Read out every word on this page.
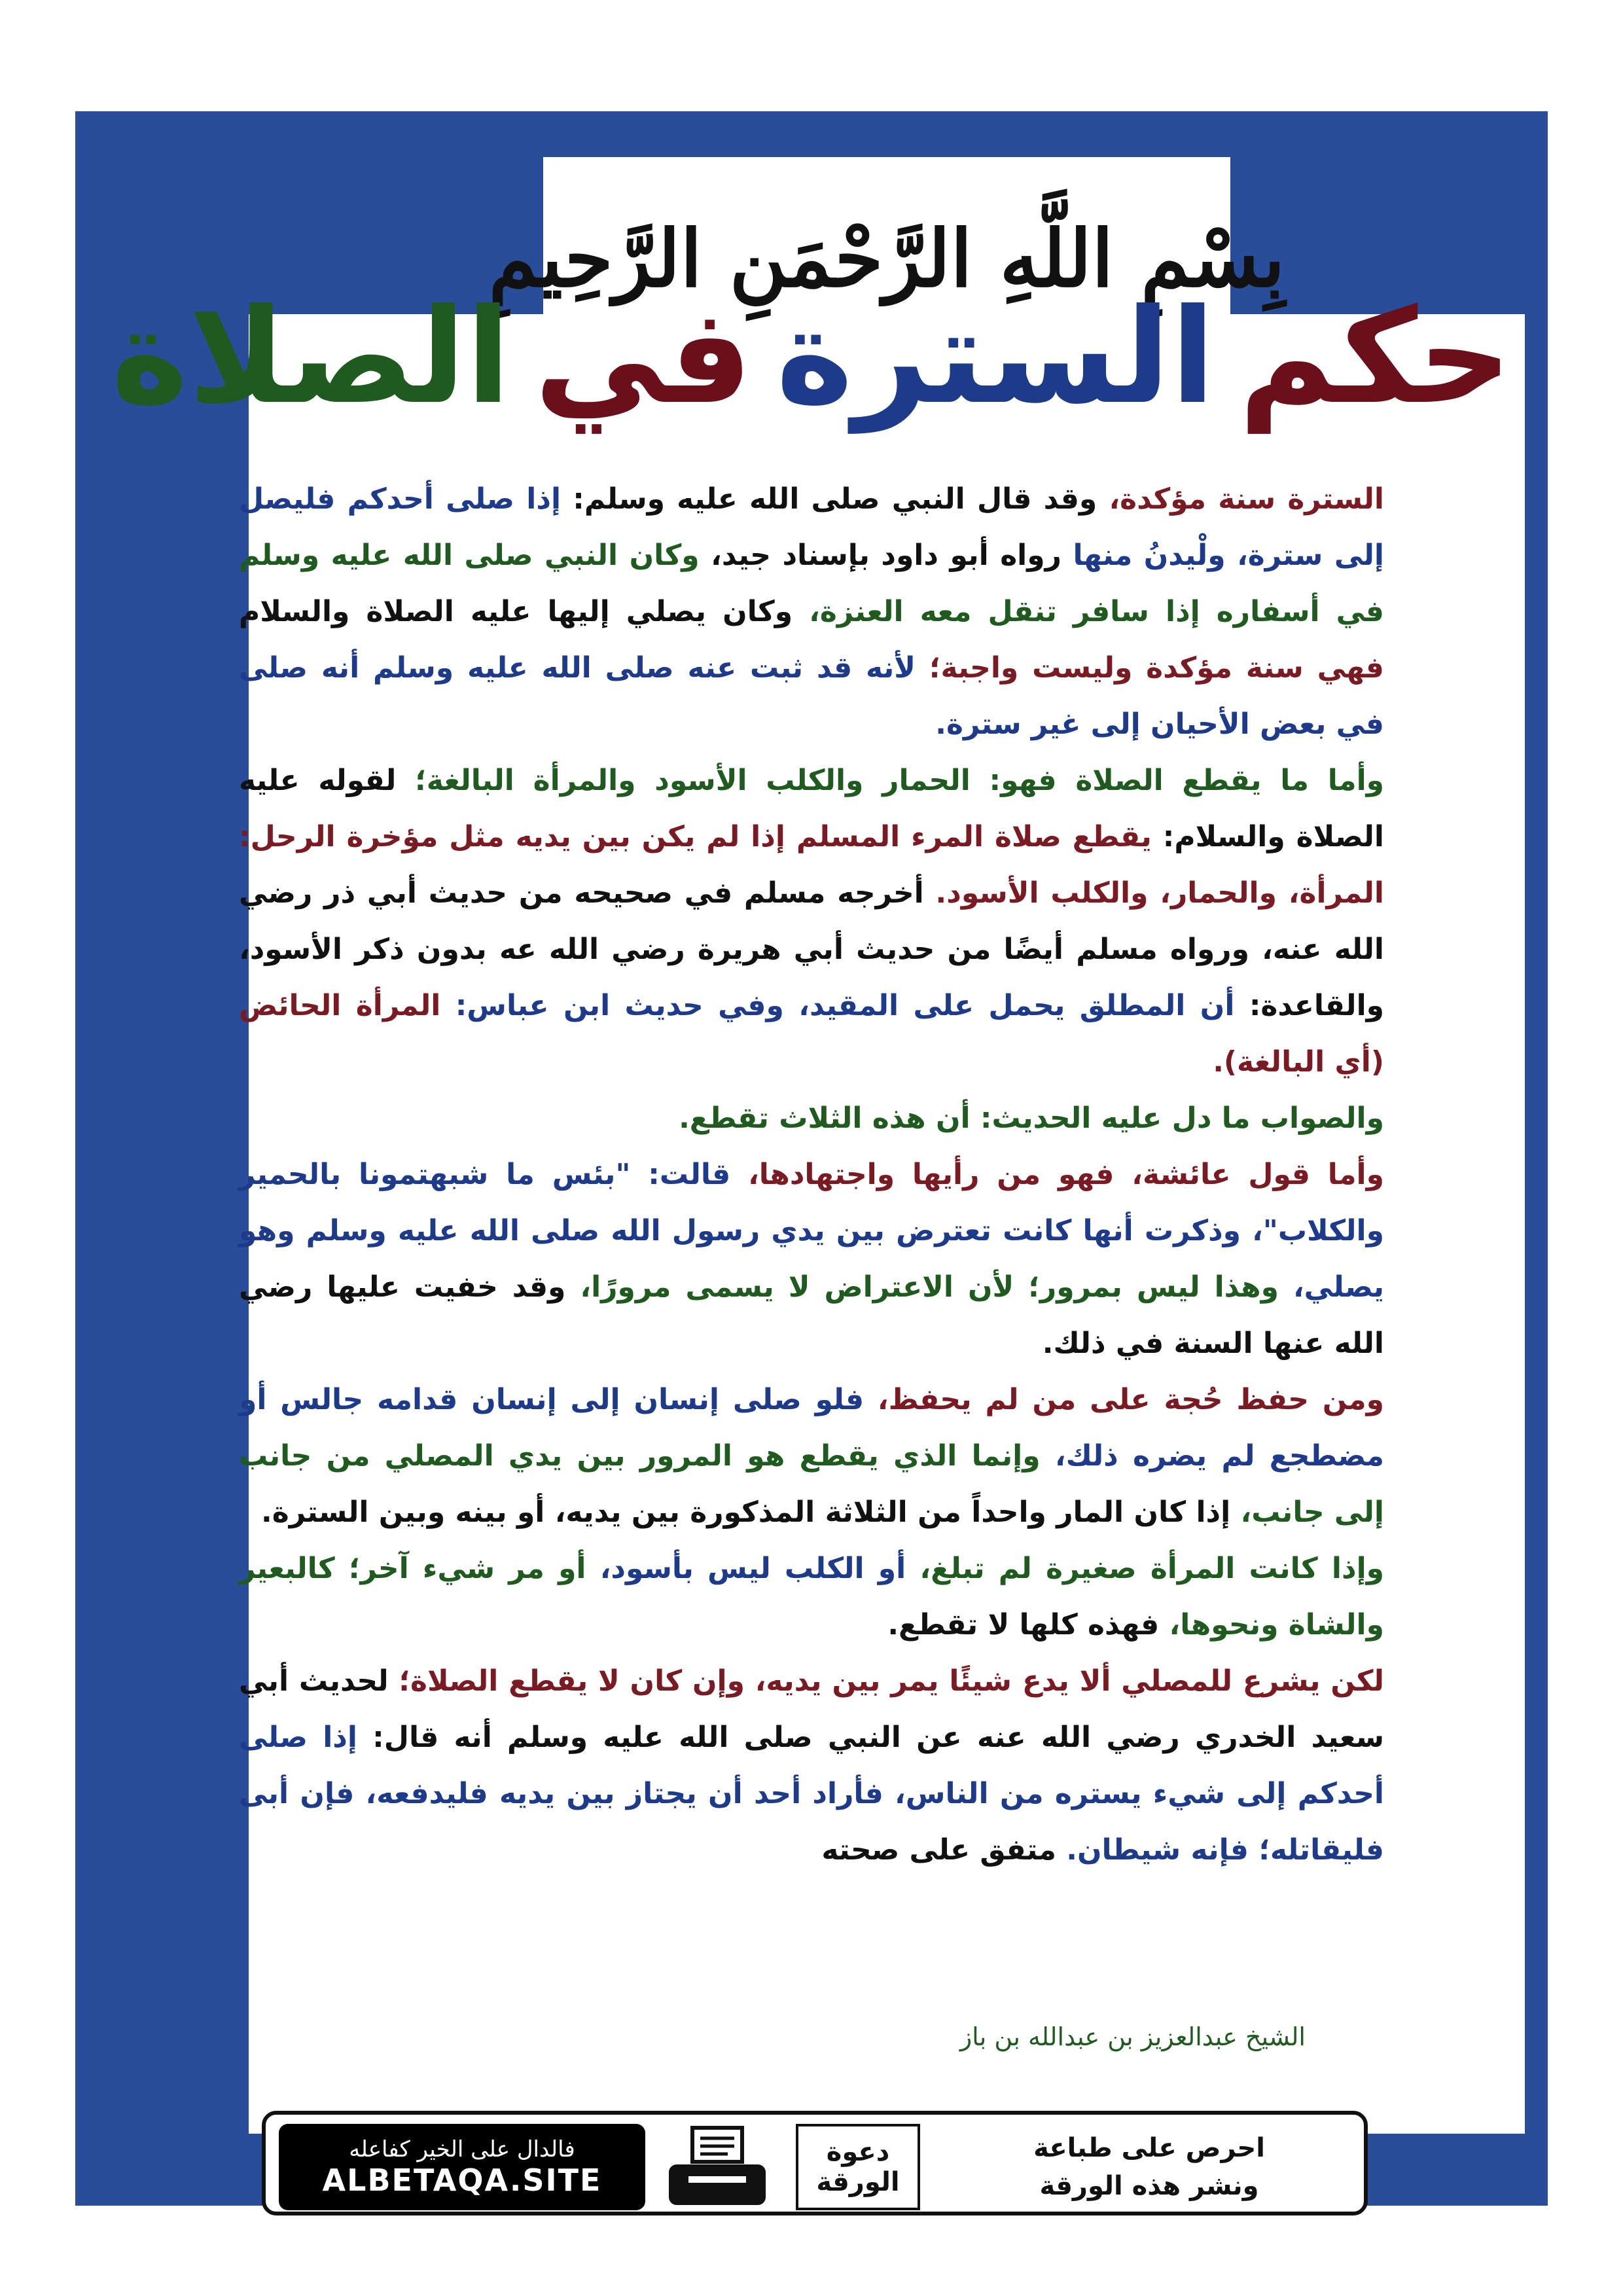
بِسْمِ اللَّهِ الرَّحْمَنِ الرَّحِيمِ
حكم
السترة
في
الصلاة

السترة سنة مؤكدة، وقد قال النبي صلى الله عليه وسلم: إذا صلى أحدكم فليصل إلى سترة، ولْيدنُ منها رواه أبو داود بإسناد جيد، وكان النبي صلى الله عليه وسلم في أسفاره إذا سافر تنقل معه العنزة، وكان يصلي إليها عليه الصلاة والسلام فهي سنة مؤكدة وليست واجبة؛ لأنه قد ثبت عنه صلى الله عليه وسلم أنه صلى في بعض الأحيان إلى غير سترة.

وأما ما يقطع الصلاة فهو: الحمار والكلب الأسود والمرأة البالغة؛ لقوله عليه الصلاة والسلام: يقطع صلاة المرء المسلم إذا لم يكن بين يديه مثل مؤخرة الرحل: المرأة، والحمار، والكلب الأسود. أخرجه مسلم في صحيحه من حديث أبي ذر رضي الله عنه، ورواه مسلم أيضًا من حديث أبي هريرة رضي الله عه بدون ذكر الأسود، والقاعدة: أن المطلق يحمل على المقيد، وفي حديث ابن عباس: المرأة الحائض (أي البالغة).

والصواب ما دل عليه الحديث: أن هذه الثلاث تقطع.

وأما قول عائشة، فهو من رأيها واجتهادها، قالت: "بئس ما شبهتمونا بالحمير والكلاب"، وذكرت أنها كانت تعترض بين يدي رسول الله صلى الله عليه وسلم وهو يصلي، وهذا ليس بمرور؛ لأن الاعتراض لا يسمى مرورًا، وقد خفيت عليها رضي الله عنها السنة في ذلك.

ومن حفظ حُجة على من لم يحفظ، فلو صلى إنسان إلى إنسان قدامه جالس أو مضطجع لم يضره ذلك، وإنما الذي يقطع هو المرور بين يدي المصلي من جانب إلى جانب، إذا كان المار واحداً من الثلاثة المذكورة بين يديه، أو بينه وبين السترة.

وإذا كانت المرأة صغيرة لم تبلغ، أو الكلب ليس بأسود، أو مر شيء آخر؛ كالبعير والشاة ونحوها، فهذه كلها لا تقطع.

لكن يشرع للمصلي ألا يدع شيئًا يمر بين يديه، وإن كان لا يقطع الصلاة؛ لحديث أبي سعيد الخدري رضي الله عنه عن النبي صلى الله عليه وسلم أنه قال: إذا صلى أحدكم إلى شيء يستره من الناس، فأراد أحد أن يجتاز بين يديه فليدفعه، فإن أبى فليقاتله؛ فإنه شيطان. متفق على صحته

الشيخ عبدالعزيز بن عبدالله بن باز
فالدال على الخير كفاعله
ALBETAQA.SITE
دعوة
الورقة
احرص على طباعة
ونشر هذه الورقة
